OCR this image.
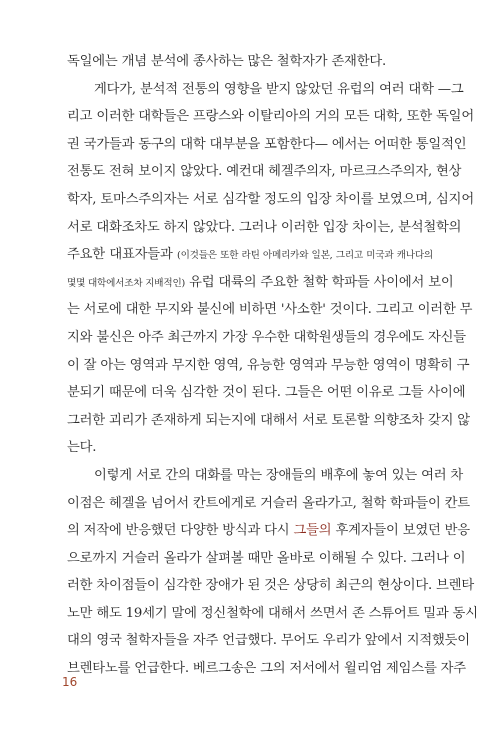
독일에는 개념 분석에 종사하는 많은 철학자가 존재한다.
게다가, 분석적 전통의 영향을 받지 않았던 유럽의 여러 대학 —그
리고 이러한 대학들은 프랑스와 이탈리아의 거의 모든 대학, 또한 독일어
권 국가들과 동구의 대학 대부분을 포함한다— 에서는 어떠한 통일적인
전통도 전혀 보이지 않았다. 예컨대 헤겔주의자, 마르크스주의자, 현상
학자, 토마스주의자는 서로 심각할 정도의 입장 차이를 보였으며, 심지어
서로 대화조차도 하지 않았다. 그러나 이러한 입장 차이는, 분석철학의
주요한 대표자들과 (이것들은 또한 라틴 아메리카와 일본, 그리고 미국과 캐나다의
몇몇 대학에서조차 지배적인) 유럽 대륙의 주요한 철학 학파들 사이에서 보이
는 서로에 대한 무지와 불신에 비하면 '사소한' 것이다. 그리고 이러한 무
지와 불신은 아주 최근까지 가장 우수한 대학원생들의 경우에도 자신들
이 잘 아는 영역과 무지한 영역, 유능한 영역과 무능한 영역이 명확히 구
분되기 때문에 더욱 심각한 것이 된다. 그들은 어떤 이유로 그들 사이에
그러한 괴리가 존재하게 되는지에 대해서 서로 토론할 의향조차 갖지 않
는다.
이렇게 서로 간의 대화를 막는 장애들의 배후에 놓여 있는 여러 차
이점은 헤겔을 넘어서 칸트에게로 거슬러 올라가고, 철학 학파들이 칸트
의 저작에 반응했던 다양한 방식과 다시 그들의 후계자들이 보였던 반응
으로까지 거슬러 올라가 살펴볼 때만 올바로 이해될 수 있다. 그러나 이
러한 차이점들이 심각한 장애가 된 것은 상당히 최근의 현상이다. 브렌타
노만 해도 19세기 말에 정신철학에 대해서 쓰면서 존 스튜어트 밀과 동시
대의 영국 철학자들을 자주 언급했다. 무어도 우리가 앞에서 지적했듯이
브렌타노를 언급한다. 베르그송은 그의 저서에서 윌리엄 제임스를 자주
16
